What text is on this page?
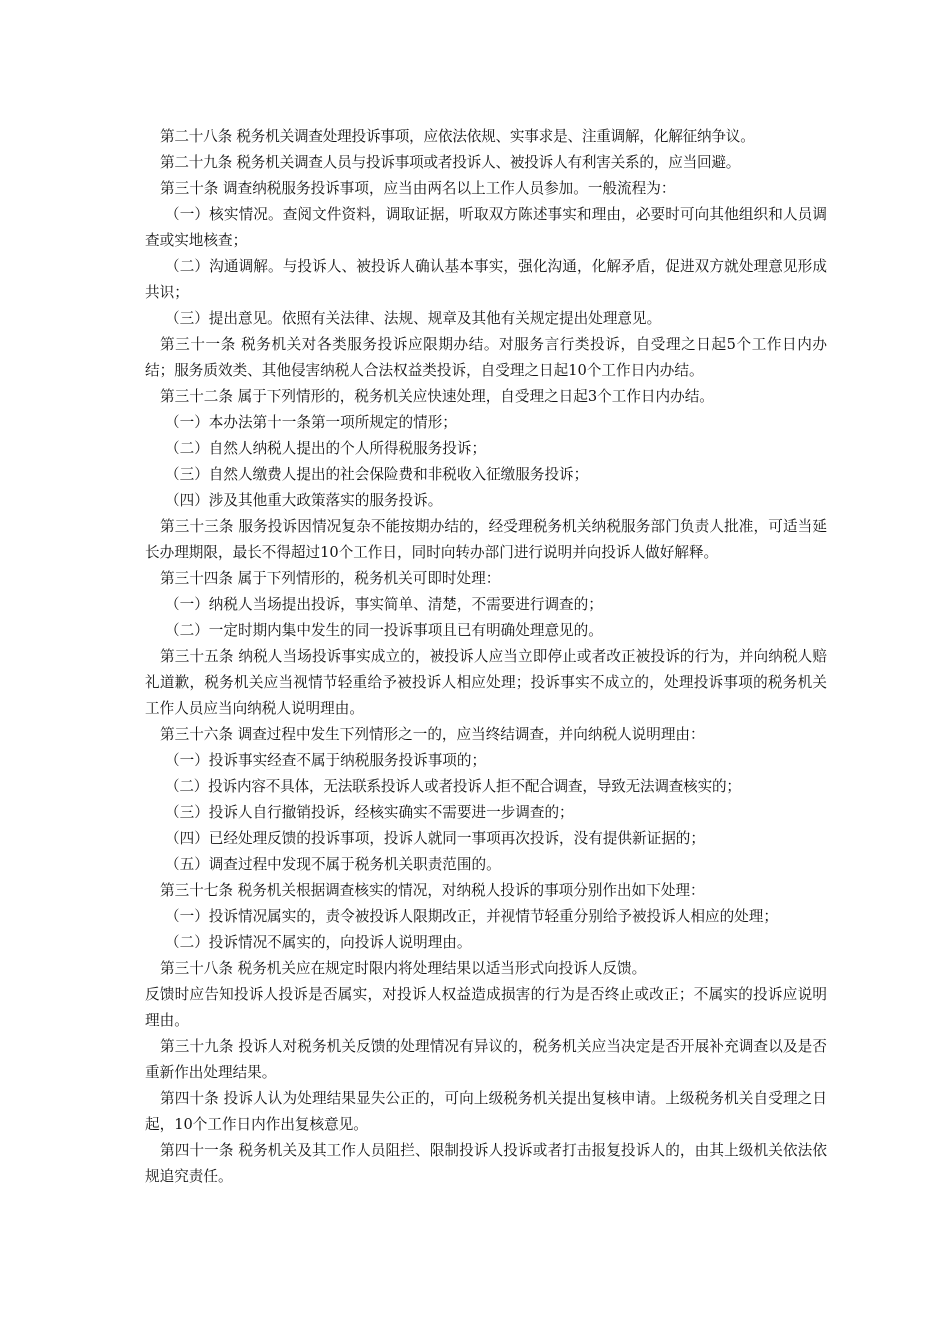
第二十八条 税务机关调查处理投诉事项，应依法依规、实事求是、注重调解，化解征纳争议。

第二十九条 税务机关调查人员与投诉事项或者投诉人、被投诉人有利害关系的，应当回避。

第三十条 调查纳税服务投诉事项，应当由两名以上工作人员参加。一般流程为：

（一）核实情况。查阅文件资料，调取证据，听取双方陈述事实和理由，必要时可向其他组织和人员调查或实地核查；

（二）沟通调解。与投诉人、被投诉人确认基本事实，强化沟通，化解矛盾，促进双方就处理意见形成共识；

（三）提出意见。依照有关法律、法规、规章及其他有关规定提出处理意见。

第三十一条 税务机关对各类服务投诉应限期办结。对服务言行类投诉，自受理之日起5个工作日内办结；服务质效类、其他侵害纳税人合法权益类投诉，自受理之日起10个工作日内办结。

第三十二条 属于下列情形的，税务机关应快速处理，自受理之日起3个工作日内办结。

（一）本办法第十一条第一项所规定的情形；

（二）自然人纳税人提出的个人所得税服务投诉；

（三）自然人缴费人提出的社会保险费和非税收入征缴服务投诉；

（四）涉及其他重大政策落实的服务投诉。

第三十三条 服务投诉因情况复杂不能按期办结的，经受理税务机关纳税服务部门负责人批准，可适当延长办理期限，最长不得超过10个工作日，同时向转办部门进行说明并向投诉人做好解释。

第三十四条 属于下列情形的，税务机关可即时处理：

（一）纳税人当场提出投诉，事实简单、清楚，不需要进行调查的；

（二）一定时期内集中发生的同一投诉事项且已有明确处理意见的。

第三十五条 纳税人当场投诉事实成立的，被投诉人应当立即停止或者改正被投诉的行为，并向纳税人赔礼道歉，税务机关应当视情节轻重给予被投诉人相应处理；投诉事实不成立的，处理投诉事项的税务机关工作人员应当向纳税人说明理由。

第三十六条 调查过程中发生下列情形之一的，应当终结调查，并向纳税人说明理由：

（一）投诉事实经查不属于纳税服务投诉事项的；

（二）投诉内容不具体，无法联系投诉人或者投诉人拒不配合调查，导致无法调查核实的；

（三）投诉人自行撤销投诉，经核实确实不需要进一步调查的；

（四）已经处理反馈的投诉事项，投诉人就同一事项再次投诉，没有提供新证据的；

（五）调查过程中发现不属于税务机关职责范围的。

第三十七条 税务机关根据调查核实的情况，对纳税人投诉的事项分别作出如下处理：

（一）投诉情况属实的，责令被投诉人限期改正，并视情节轻重分别给予被投诉人相应的处理；

（二）投诉情况不属实的，向投诉人说明理由。

第三十八条 税务机关应在规定时限内将处理结果以适当形式向投诉人反馈。

反馈时应告知投诉人投诉是否属实，对投诉人权益造成损害的行为是否终止或改正；不属实的投诉应说明理由。

第三十九条 投诉人对税务机关反馈的处理情况有异议的，税务机关应当决定是否开展补充调查以及是否重新作出处理结果。

第四十条 投诉人认为处理结果显失公正的，可向上级税务机关提出复核申请。上级税务机关自受理之日起，10个工作日内作出复核意见。

第四十一条 税务机关及其工作人员阻拦、限制投诉人投诉或者打击报复投诉人的，由其上级机关依法依规追究责任。
